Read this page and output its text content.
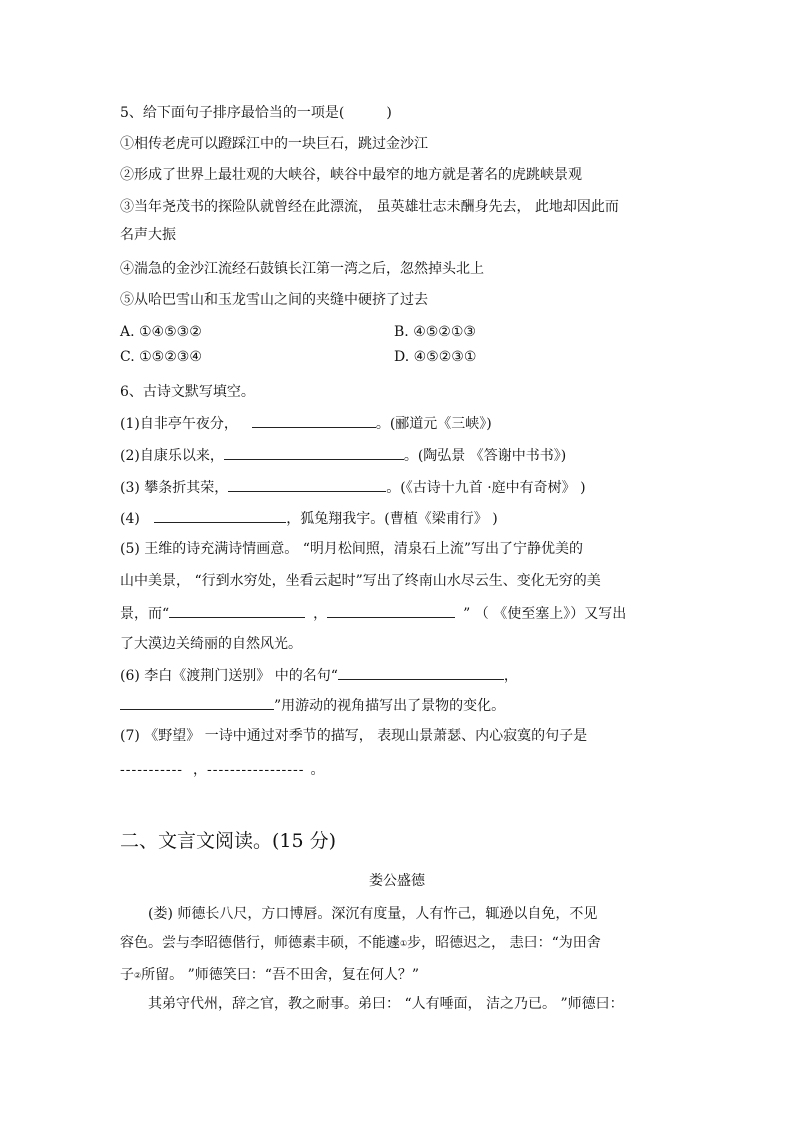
5、给下面句子排序最恰当的一项是(　　　)
①相传老虎可以蹬踩江中的一块巨石，跳过金沙江
②形成了世界上最壮观的大峡谷，峡谷中最窄的地方就是著名的虎跳峡景观
③当年尧茂书的探险队就曾经在此漂流， 虽英雄壮志未酬身先去， 此地却因此而
名声大振
④湍急的金沙江流经石鼓镇长江第一湾之后，忽然掉头北上
⑤从哈巴雪山和玉龙雪山之间的夹缝中硬挤了过去
A. ①④⑤③②	B. ④⑤②①③
C. ①⑤②③④	D. ④⑤②③①
6、古诗文默写填空。
(1)自非亭午夜分，	。(郦道元《三峡》)
(2)自康乐以来，	。(陶弘景 《答谢中书书》)
(3) 攀条折其荣，	。(《古诗十九首 ·庭中有奇树》 )
(4)	，狐兔翔我宇。(曹植《梁甫行》 )
(5) 王维的诗充满诗情画意。 “明月松间照，清泉石上流”写出了宁静优美的
山中美景， “行到水穷处，坐看云起时”写出了终南山水尽云生、变化无穷的美
景，而“	，	” （ 《使至塞上》）又写出
了大漠边关绮丽的自然风光。
(6) 李白《渡荆门送别》 中的名句“	，
”用游动的视角描写出了景物的变化。
(7) 《野望》 一诗中通过对季节的描写， 表现山景萧瑟、内心寂寞的句子是
----------- ，----------------- 。
二、文言文阅读。(15 分)
娄公盛德
(娄) 师德长八尺，方口博唇。深沉有度量，人有忤己，辄逊以自免，不见
容色。尝与李昭德偕行，师德素丰硕，不能遽①步，昭德迟之， 恚曰：“为田舍
子②所留。 ”师德笑曰：“吾不田舍，复在何人？”
其弟守代州，辞之官，教之耐事。弟曰： “人有唾面， 洁之乃已。 ”师德曰：
